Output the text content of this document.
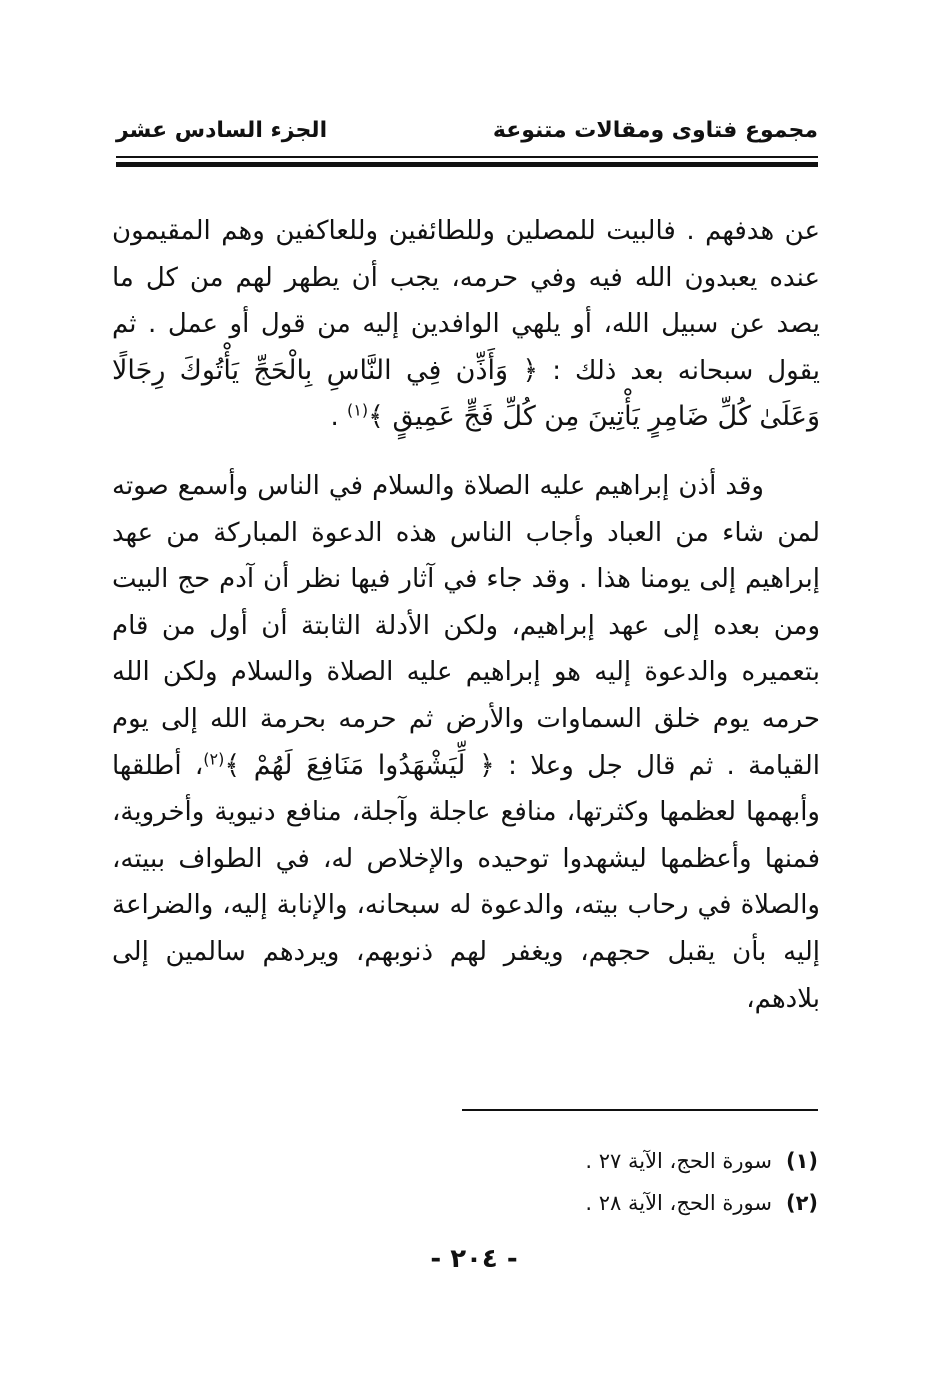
مجموع فتاوى ومقالات متنوعة
الجزء السادس عشر

عن هدفهم . فالبيت للمصلين وللطائفين وللعاكفين وهم المقيمون عنده يعبدون الله فيه وفي حرمه، يجب أن يطهر لهم من كل ما يصد عن سبيل الله، أو يلهي الوافدين إليه من قول أو عمل . ثم يقول سبحانه بعد ذلك : ﴿ وَأَذِّن فِي النَّاسِ بِالْحَجِّ يَأْتُوكَ رِجَالًا وَعَلَىٰ كُلِّ ضَامِرٍ يَأْتِينَ مِن كُلِّ فَجٍّ عَمِيقٍ ﴾$^{(١)}$ .

وقد أذن إبراهيم عليه الصلاة والسلام في الناس وأسمع صوته لمن شاء من العباد وأجاب الناس هذه الدعوة المباركة من عهد إبراهيم إلى يومنا هذا . وقد جاء في آثار فيها نظر أن آدم حج البيت ومن بعده إلى عهد إبراهيم، ولكن الأدلة الثابتة أن أول من قام بتعميره والدعوة إليه هو إبراهيم عليه الصلاة والسلام ولكن الله حرمه يوم خلق السماوات والأرض ثم حرمه بحرمة الله إلى يوم القيامة . ثم قال جل وعلا : ﴿ لِّيَشْهَدُوا مَنَافِعَ لَهُمْ ﴾$^{(٢)}$، أطلقها وأبهمها لعظمها وكثرتها، منافع عاجلة وآجلة، منافع دنيوية وأخروية، فمنها وأعظمها ليشهدوا توحيده والإخلاص له، في الطواف ببيته، والصلاة في رحاب بيته، والدعوة له سبحانه، والإنابة إليه، والضراعة إليه بأن يقبل حجهم، ويغفر لهم ذنوبهم، ويردهم سالمين إلى بلادهم،

(١)سورة الحج، الآية ٢٧ .
(٢)سورة الحج، الآية ٢٨ .
- ٢٠٤ -
